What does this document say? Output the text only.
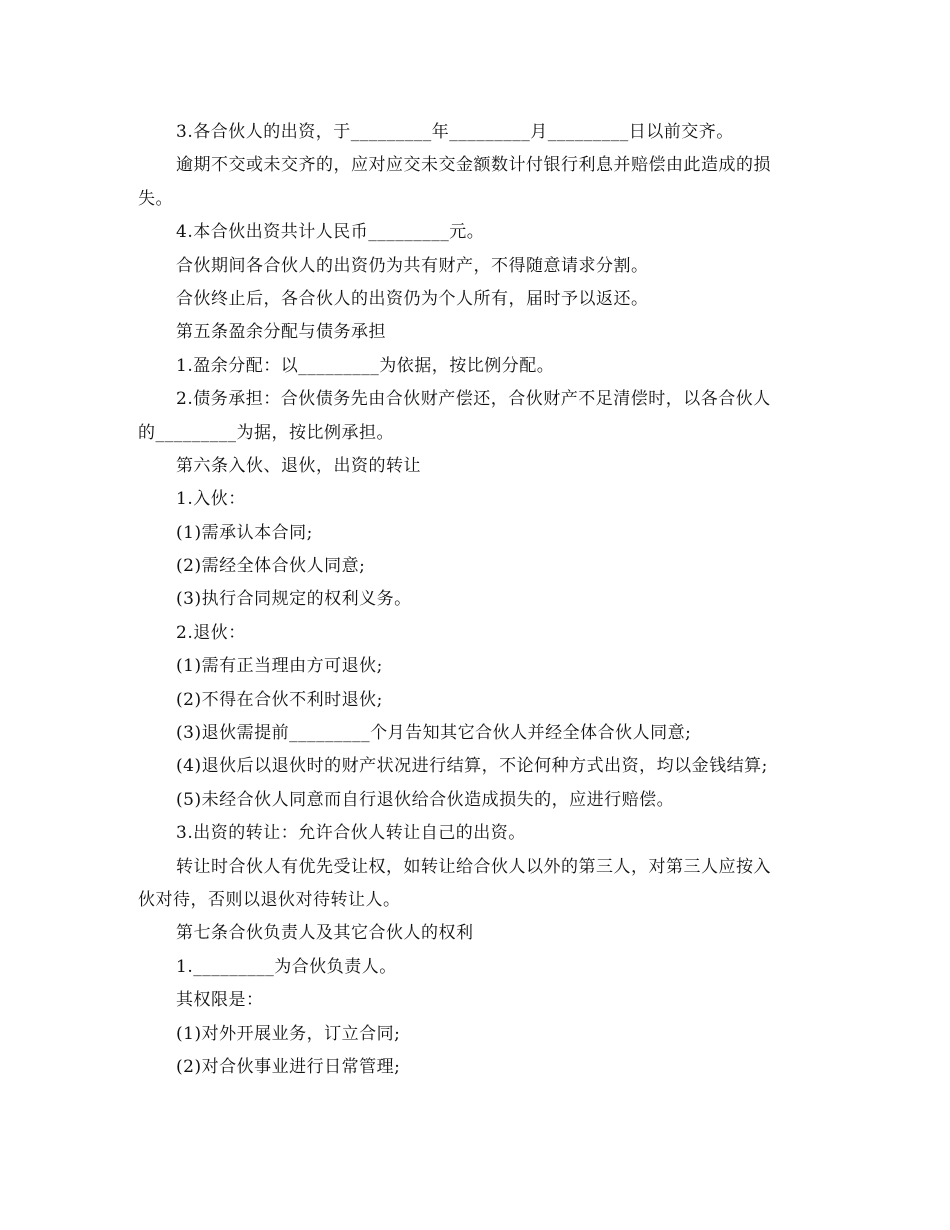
3.各合伙人的出资，于_________年_________月_________日以前交齐。
逾期不交或未交齐的，应对应交未交金额数计付银行利息并赔偿由此造成的损
失。
4.本合伙出资共计人民币_________元。
合伙期间各合伙人的出资仍为共有财产，不得随意请求分割。
合伙终止后，各合伙人的出资仍为个人所有，届时予以返还。
第五条盈余分配与债务承担
1.盈余分配：以_________为依据，按比例分配。
2.债务承担：合伙债务先由合伙财产偿还，合伙财产不足清偿时，以各合伙人
的_________为据，按比例承担。
第六条入伙、退伙，出资的转让
1.入伙：
(1)需承认本合同;
(2)需经全体合伙人同意;
(3)执行合同规定的权利义务。
2.退伙：
(1)需有正当理由方可退伙;
(2)不得在合伙不利时退伙;
(3)退伙需提前_________个月告知其它合伙人并经全体合伙人同意;
(4)退伙后以退伙时的财产状况进行结算，不论何种方式出资，均以金钱结算;
(5)未经合伙人同意而自行退伙给合伙造成损失的，应进行赔偿。
3.出资的转让：允许合伙人转让自己的出资。
转让时合伙人有优先受让权，如转让给合伙人以外的第三人，对第三人应按入
伙对待，否则以退伙对待转让人。
第七条合伙负责人及其它合伙人的权利
1._________为合伙负责人。
其权限是：
(1)对外开展业务，订立合同;
(2)对合伙事业进行日常管理;
